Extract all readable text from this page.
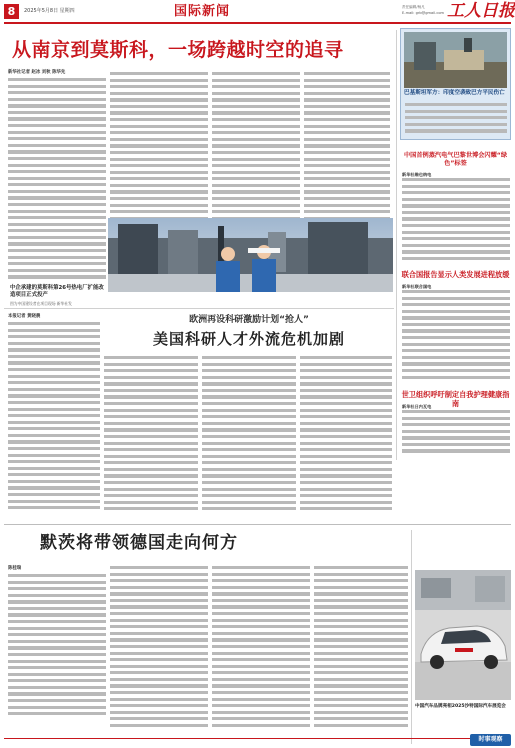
8	2025年5月8日 星期四	国际新闻	责任编辑/杨凡
E-mail: grb@gmail.com 工人日报
从南京到莫斯科，一场跨越时空的追寻
新华社记者 赵冰 刘秋 陈华先
中企承建的莫斯科第26号热电厂扩能改造项目正式投产
图为中国建设者在项目现场 新华社发
巴基斯坦军方：印度空袭致巴方平民伤亡
中国首例蒸汽电气巴黎世博会闪耀“绿色”标签
新华社维也纳电
联合国报告显示人类发展进程放缓
新华社联合国电
世卫组织呼吁制定自我护理健康指南
新华社日内瓦电
本报记者 黄晓晨	欧洲再设科研激励计划“抢人”
美国科研人才外流危机加剧
默茨将带领德国走向何方
陈桂瑞
中国汽车品牌亮相2025沙特国际汽车展览会
时事观察
